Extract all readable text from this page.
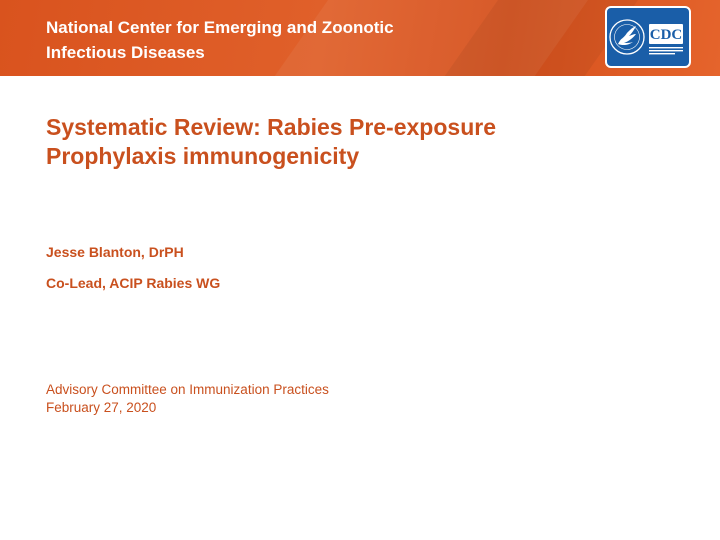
National Center for Emerging and Zoonotic
Infectious Diseases
CDC
Systematic Review: Rabies Pre-exposure
Prophylaxis immunogenicity
Jesse Blanton, DrPH
Co-Lead, ACIP Rabies WG
Advisory Committee on Immunization Practices
February 27, 2020
